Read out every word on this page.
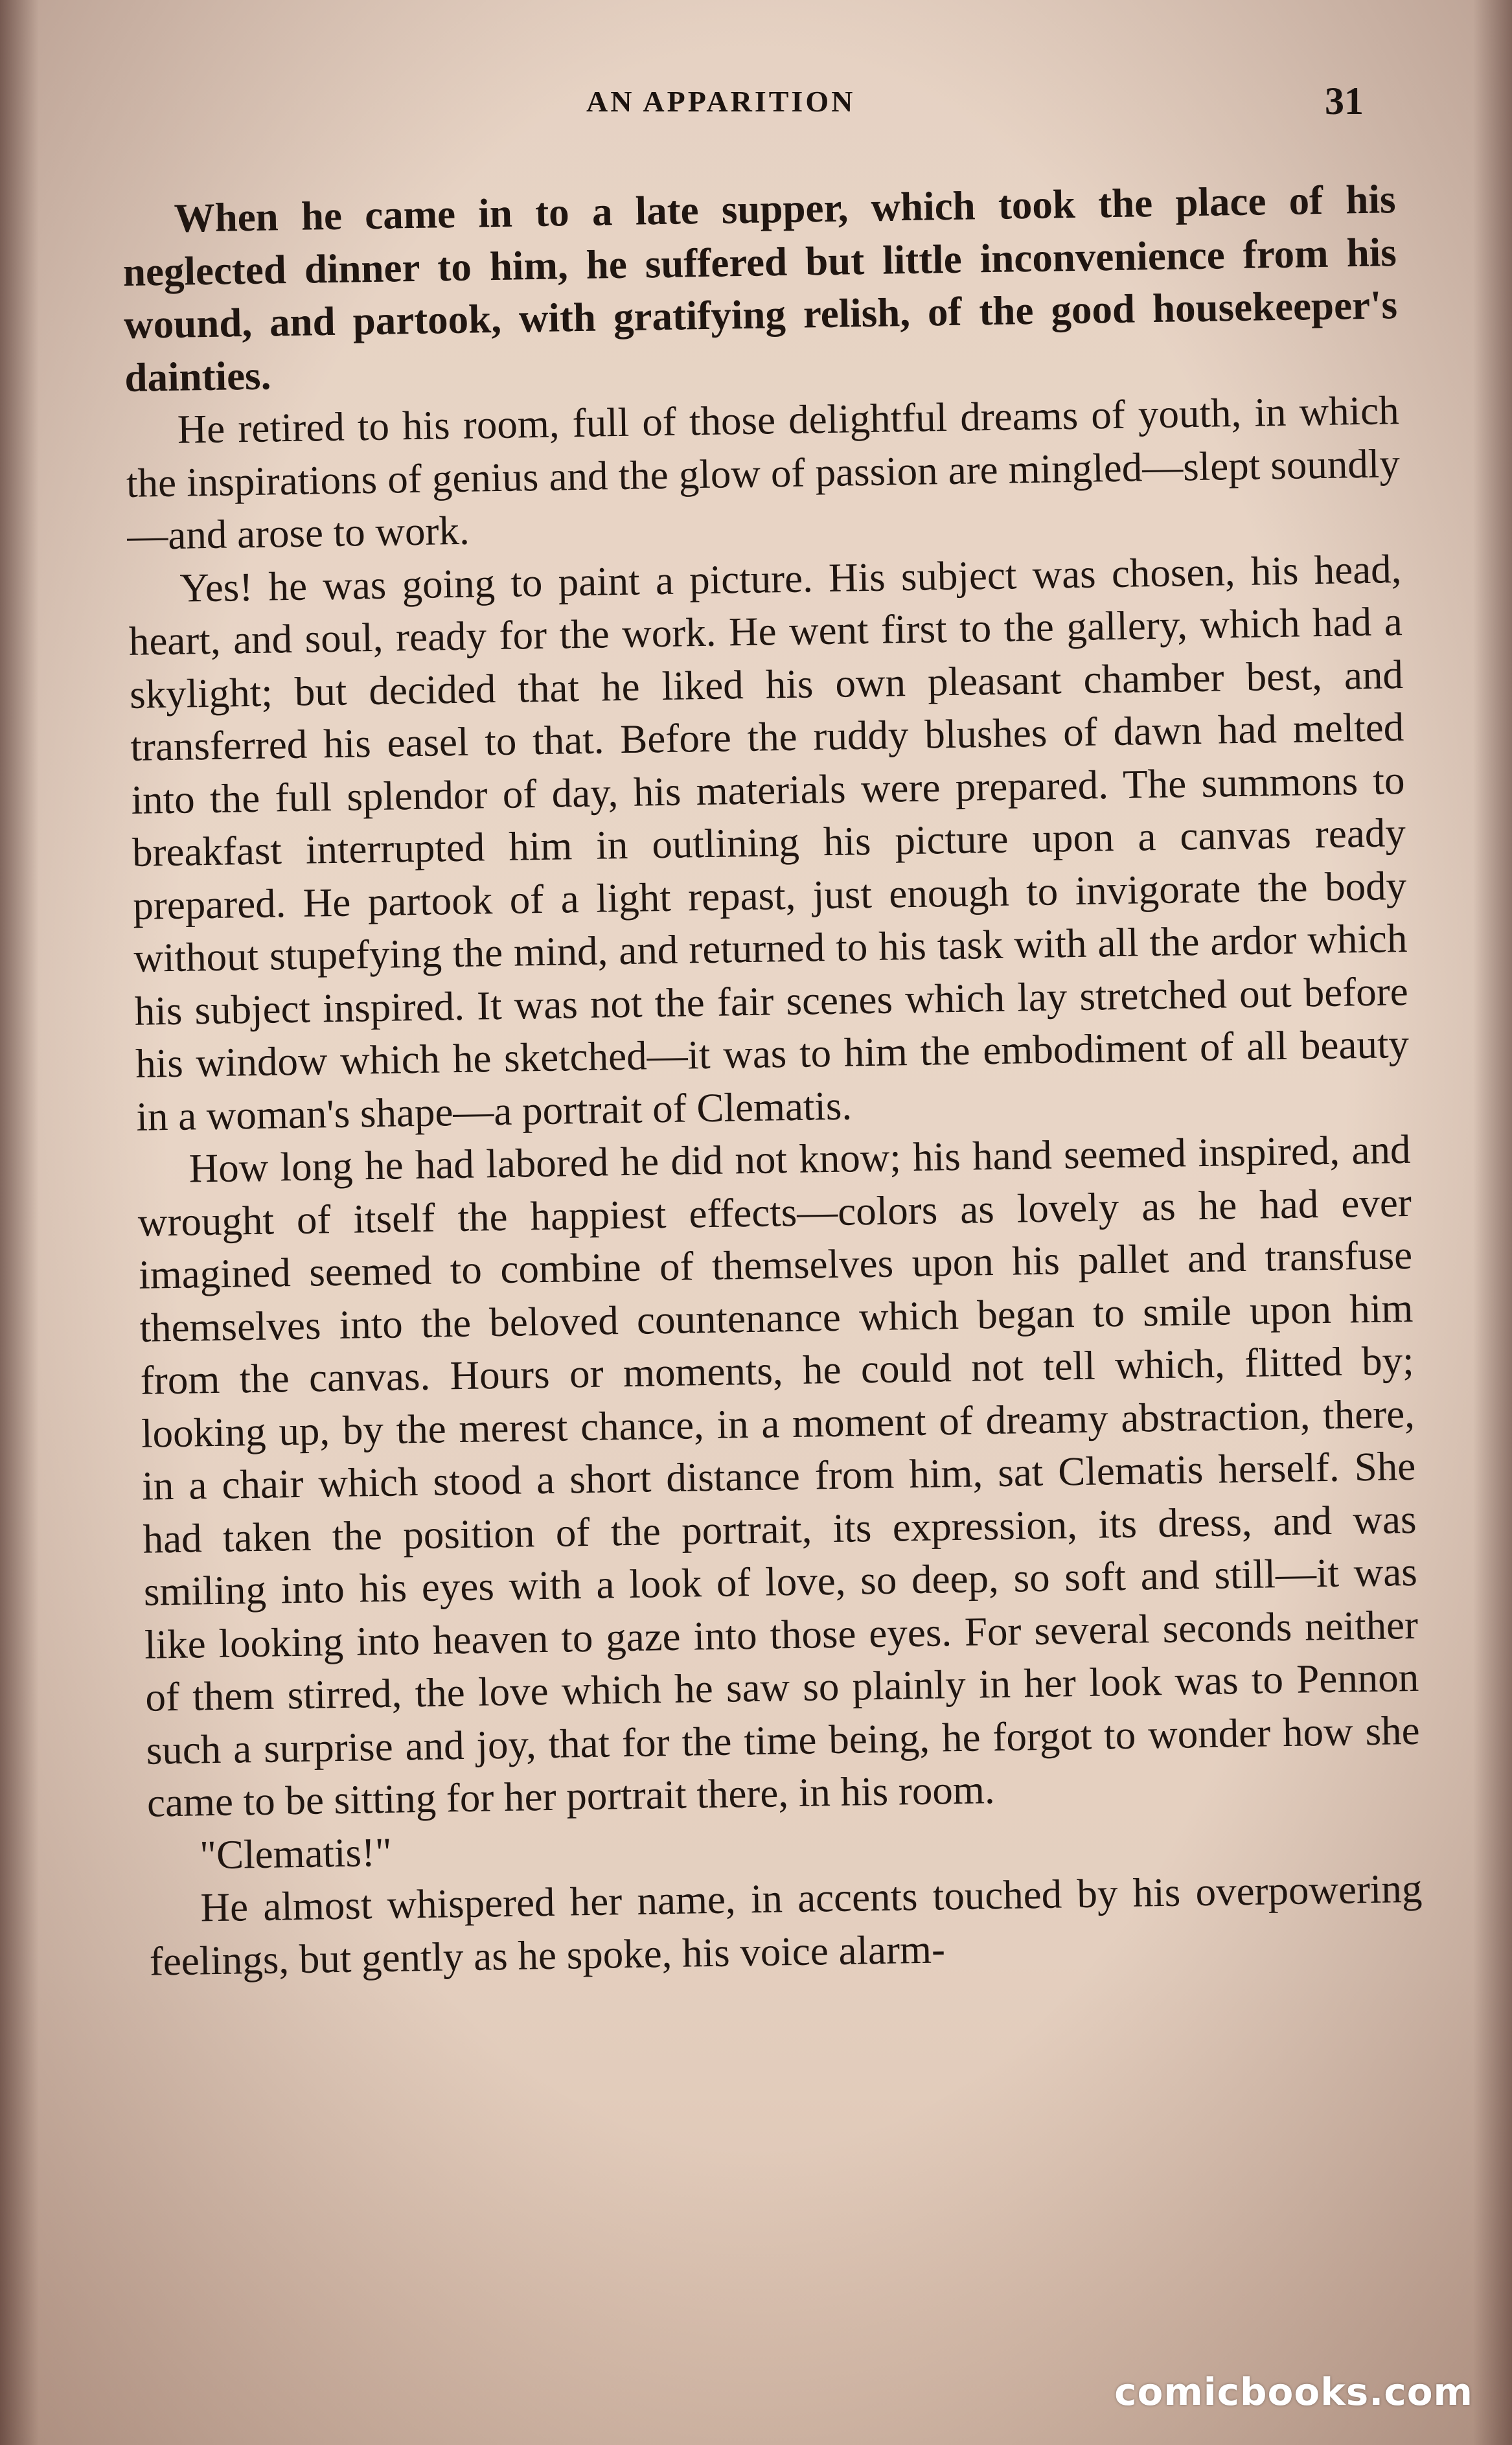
AN APPARITION	31

When he came in to a late supper, which took the place of his neglected dinner to him, he suffered but little inconvenience from his wound, and partook, with gratifying relish, of the good housekeeper's dainties.

He retired to his room, full of those delightful dreams of youth, in which the inspirations of genius and the glow of passion are mingled—slept soundly—and arose to work.

Yes! he was going to paint a picture. His subject was chosen, his head, heart, and soul, ready for the work. He went first to the gallery, which had a skylight; but decided that he liked his own pleasant chamber best, and transferred his easel to that. Before the ruddy blushes of dawn had melted into the full splendor of day, his materials were prepared. The summons to breakfast interrupted him in outlining his picture upon a canvas ready prepared. He partook of a light repast, just enough to invigorate the body without stupefying the mind, and returned to his task with all the ardor which his subject inspired. It was not the fair scenes which lay stretched out before his window which he sketched—it was to him the embodiment of all beauty in a woman's shape—a portrait of Clematis.

How long he had labored he did not know; his hand seemed inspired, and wrought of itself the happiest effects—colors as lovely as he had ever imagined seemed to combine of themselves upon his pallet and transfuse themselves into the beloved countenance which began to smile upon him from the canvas. Hours or moments, he could not tell which, flitted by; looking up, by the merest chance, in a moment of dreamy abstraction, there, in a chair which stood a short distance from him, sat Clematis herself. She had taken the position of the portrait, its expression, its dress, and was smiling into his eyes with a look of love, so deep, so soft and still—it was like looking into heaven to gaze into those eyes. For several seconds neither of them stirred, the love which he saw so plainly in her look was to Pennon such a surprise and joy, that for the time being, he forgot to wonder how she came to be sitting for her portrait there, in his room.

"Clematis!"

He almost whispered her name, in accents touched by his overpowering feelings, but gently as he spoke, his voice alarm-

comicbooks.com
